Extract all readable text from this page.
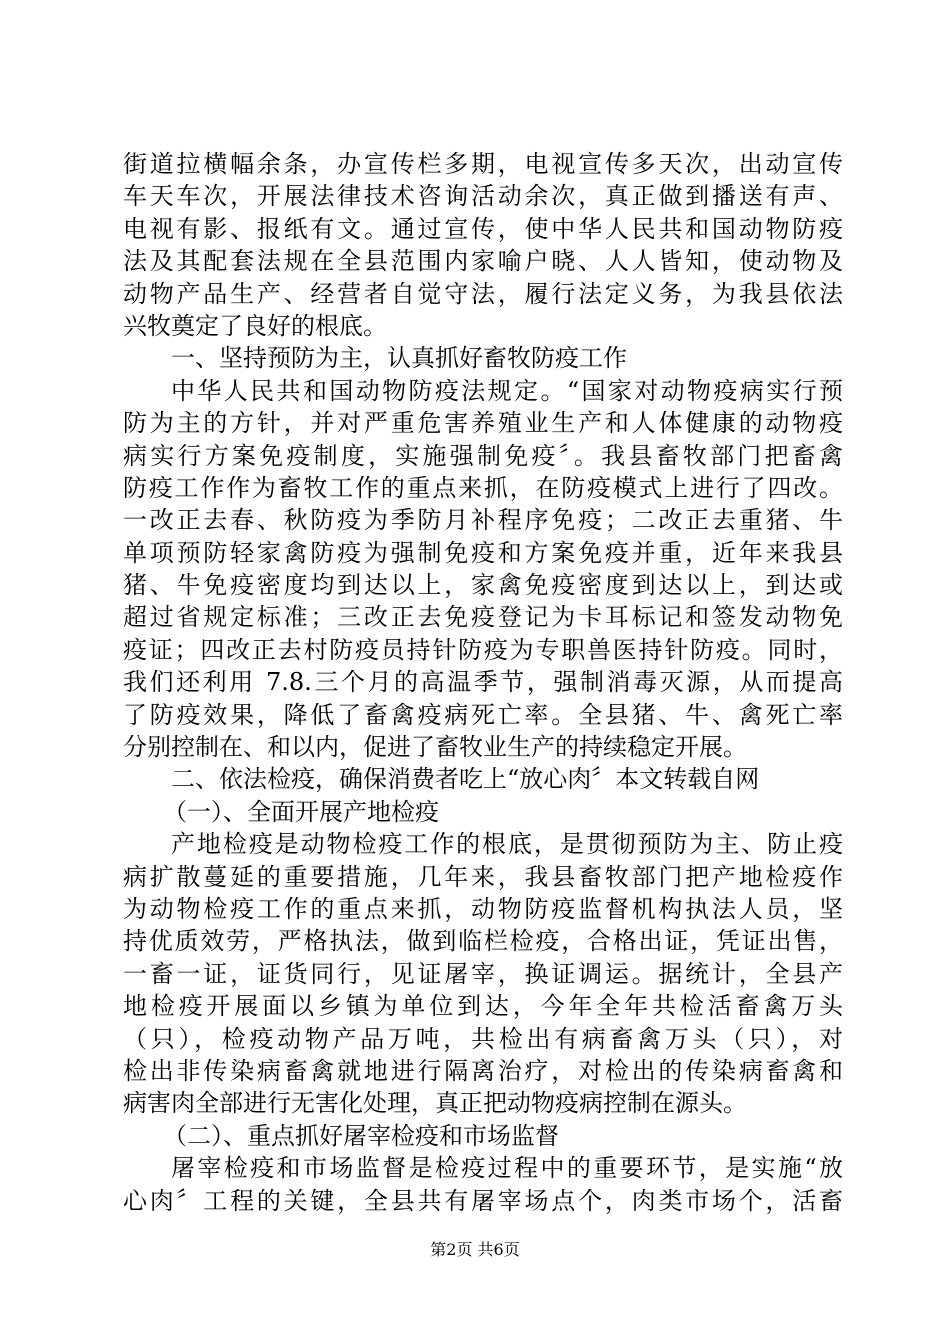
街道拉横幅余条，办宣传栏多期，电视宣传多天次，出动宣传
车天车次，开展法律技术咨询活动余次，真正做到播送有声、
电视有影、报纸有文。通过宣传，使中华人民共和国动物防疫
法及其配套法规在全县范围内家喻户晓、人人皆知，使动物及
动物产品生产、经营者自觉守法，履行法定义务，为我县依法
兴牧奠定了良好的根底。
一、坚持预防为主，认真抓好畜牧防疫工作
中华人民共和国动物防疫法规定。“国家对动物疫病实行预
防为主的方针，并对严重危害养殖业生产和人体健康的动物疫
病实行方案免疫制度，实施强制免疫〞。我县畜牧部门把畜禽
防疫工作作为畜牧工作的重点来抓，在防疫模式上进行了四改。
一改正去春、秋防疫为季防月补程序免疫；二改正去重猪、牛
单项预防轻家禽防疫为强制免疫和方案免疫并重，近年来我县
猪、牛免疫密度均到达以上，家禽免疫密度到达以上，到达或
超过省规定标准；三改正去免疫登记为卡耳标记和签发动物免
疫证；四改正去村防疫员持针防疫为专职兽医持针防疫。同时，
我们还利用 7.8.三个月的高温季节，强制消毒灭源，从而提高
了防疫效果，降低了畜禽疫病死亡率。全县猪、牛、禽死亡率
分别控制在、和以内，促进了畜牧业生产的持续稳定开展。
二、依法检疫，确保消费者吃上“放心肉〞本文转载自网
（一）、全面开展产地检疫
产地检疫是动物检疫工作的根底，是贯彻预防为主、防止疫
病扩散蔓延的重要措施，几年来，我县畜牧部门把产地检疫作
为动物检疫工作的重点来抓，动物防疫监督机构执法人员，坚
持优质效劳，严格执法，做到临栏检疫，合格出证，凭证出售，
一畜一证，证货同行，见证屠宰，换证调运。据统计，全县产
地检疫开展面以乡镇为单位到达，今年全年共检活畜禽万头
（只），检疫动物产品万吨，共检出有病畜禽万头（只），对
检出非传染病畜禽就地进行隔离治疗，对检出的传染病畜禽和
病害肉全部进行无害化处理，真正把动物疫病控制在源头。
（二）、重点抓好屠宰检疫和市场监督
屠宰检疫和市场监督是检疫过程中的重要环节，是实施“放
心肉〞工程的关键，全县共有屠宰场点个，肉类市场个，活畜
第2页 共6页
